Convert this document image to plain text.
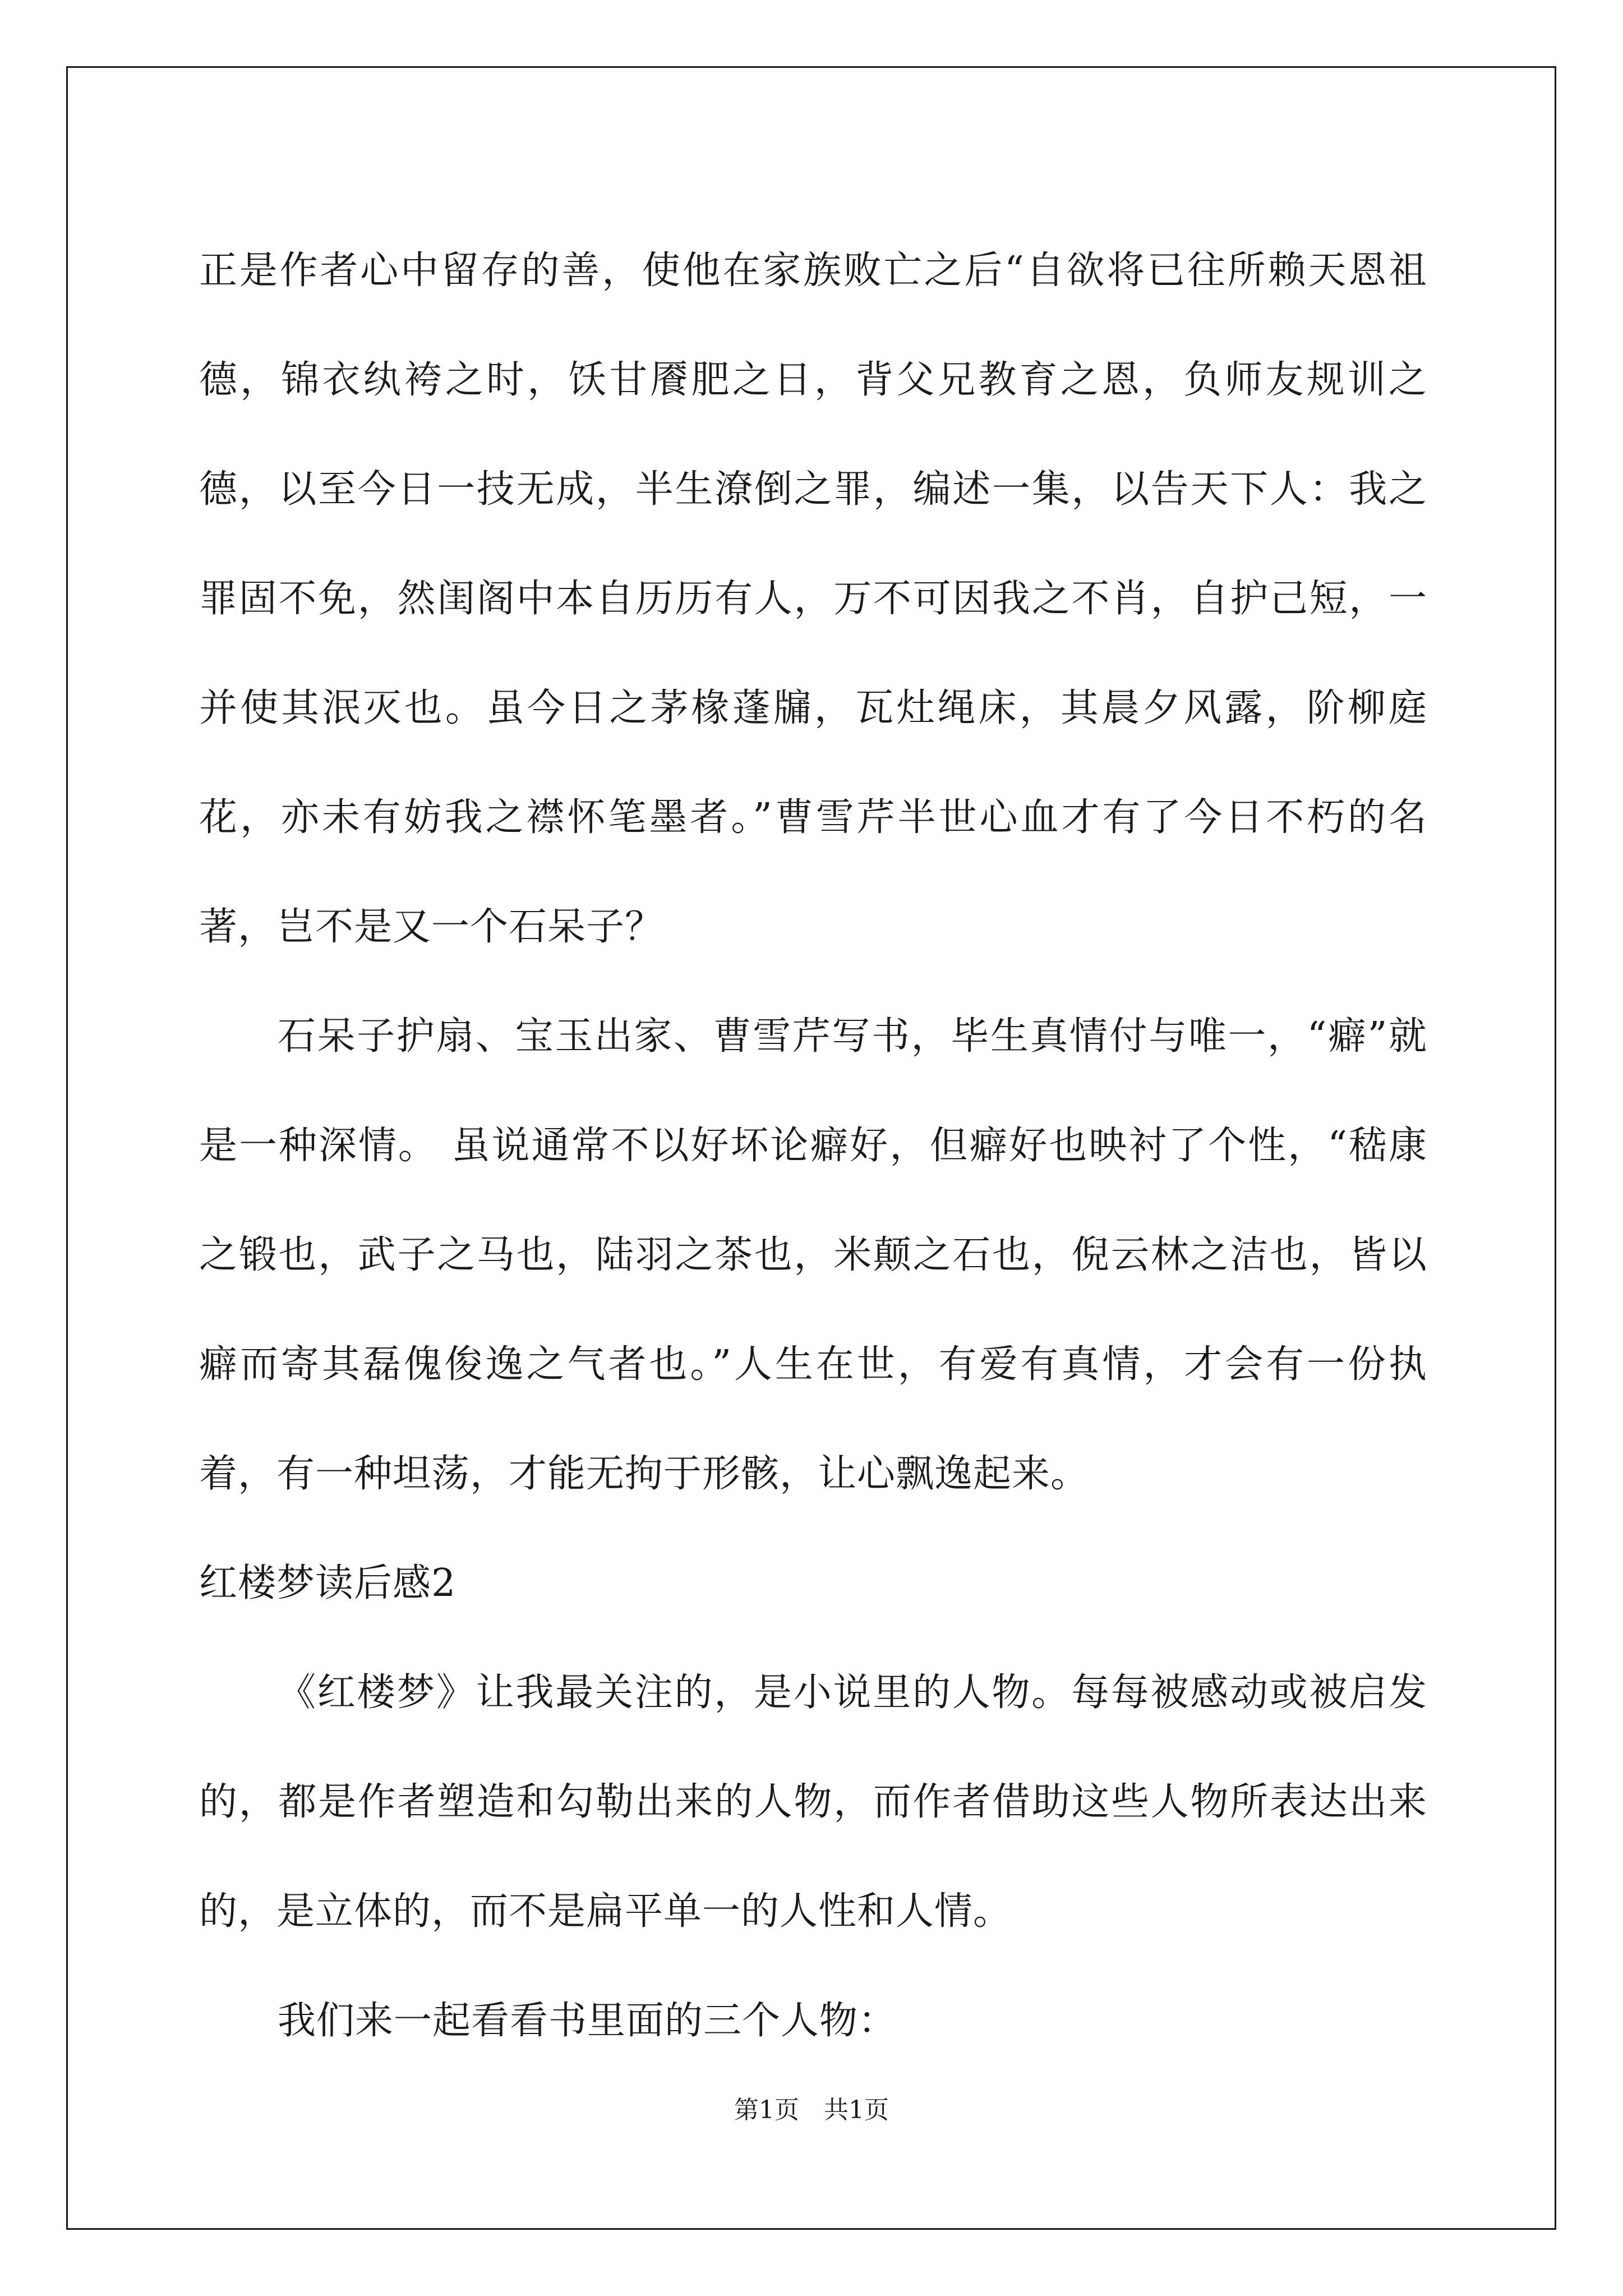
正是作者心中留存的善，使他在家族败亡之后“自欲将已往所赖天恩祖德，锦衣纨袴之时，饫甘餍肥之日，背父兄教育之恩，负师友规训之德，以至今日一技无成，半生潦倒之罪，编述一集，以告天下人：我之罪固不免，然闺阁中本自历历有人，万不可因我之不肖，自护己短，一并使其泯灭也。虽今日之茅椽蓬牖，瓦灶绳床，其晨夕风露，阶柳庭花，亦未有妨我之襟怀笔墨者。”曹雪芹半世心血才有了今日不朽的名著，岂不是又一个石呆子？

石呆子护扇、宝玉出家、曹雪芹写书，毕生真情付与唯一，“癖”就是一种深情。 虽说通常不以好坏论癖好，但癖好也映衬了个性，“嵇康之锻也，武子之马也，陆羽之茶也，米颠之石也，倪云林之洁也，皆以癖而寄其磊傀俊逸之气者也。”人生在世，有爱有真情，才会有一份执着，有一种坦荡，才能无拘于形骸，让心飘逸起来。

红楼梦读后感2

《红楼梦》让我最关注的，是小说里的人物。每每被感动或被启发的，都是作者塑造和勾勒出来的人物，而作者借助这些人物所表达出来的，是立体的，而不是扁平单一的人性和人情。

我们来一起看看书里面的三个人物：

第1页 共1页
